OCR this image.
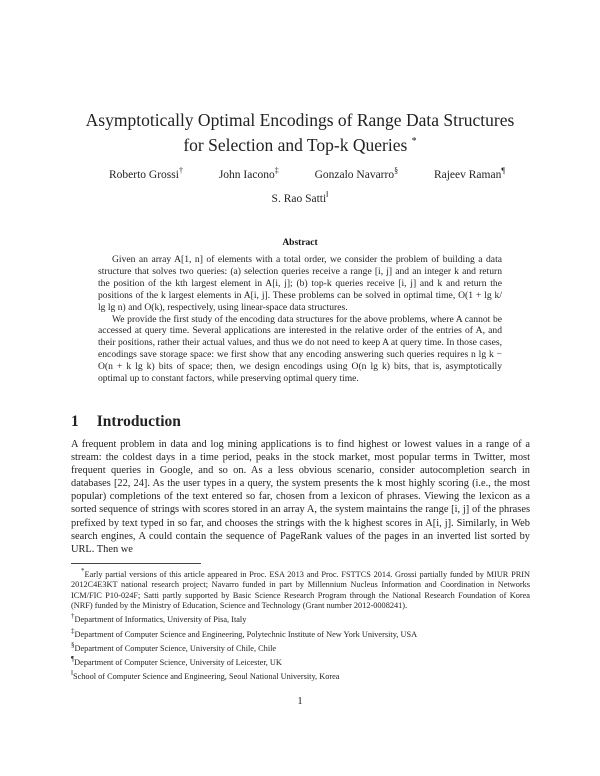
Asymptotically Optimal Encodings of Range Data Structures
for Selection and Top-k Queries *
Roberto Grossi†	John Iacono‡	Gonzalo Navarro§	Rajeev Raman¶
S. Rao Satti‖
Abstract

Given an array A[1, n] of elements with a total order, we consider the problem of building a data structure that solves two queries: (a) selection queries receive a range [i, j] and an integer k and return the position of the kth largest element in A[i, j]; (b) top-k queries receive [i, j] and k and return the positions of the k largest elements in A[i, j]. These problems can be solved in optimal time, O(1 + lg k/ lg lg n) and O(k), respectively, using linear-space data structures.

We provide the first study of the encoding data structures for the above problems, where A cannot be accessed at query time. Several applications are interested in the relative order of the entries of A, and their positions, rather their actual values, and thus we do not need to keep A at query time. In those cases, encodings save storage space: we first show that any encoding answering such queries requires n lg k − O(n + k lg k) bits of space; then, we design encodings using O(n lg k) bits, that is, asymptotically optimal up to constant factors, while preserving optimal query time.

1 Introduction

A frequent problem in data and log mining applications is to find highest or lowest values in a range of a stream: the coldest days in a time period, peaks in the stock market, most popular terms in Twitter, most frequent queries in Google, and so on. As a less obvious scenario, consider autocompletion search in databases [22, 24]. As the user types in a query, the system presents the k most highly scoring (i.e., the most popular) completions of the text entered so far, chosen from a lexicon of phrases. Viewing the lexicon as a sorted sequence of strings with scores stored in an array A, the system maintains the range [i, j] of the phrases prefixed by text typed in so far, and chooses the strings with the k highest scores in A[i, j]. Similarly, in Web search engines, A could contain the sequence of PageRank values of the pages in an inverted list sorted by URL. Then we

*Early partial versions of this article appeared in Proc. ESA 2013 and Proc. FSTTCS 2014. Grossi partially funded by MIUR PRIN 2012C4E3KT national research project; Navarro funded in part by Millennium Nucleus Information and Coordination in Networks ICM/FIC P10-024F; Satti partly supported by Basic Science Research Program through the National Research Foundation of Korea (NRF) funded by the Ministry of Education, Science and Technology (Grant number 2012-0008241).

†Department of Informatics, University of Pisa, Italy

‡Department of Computer Science and Engineering, Polytechnic Institute of New York University, USA

§Department of Computer Science, University of Chile, Chile

¶Department of Computer Science, University of Leicester, UK

‖School of Computer Science and Engineering, Seoul National University, Korea

1
